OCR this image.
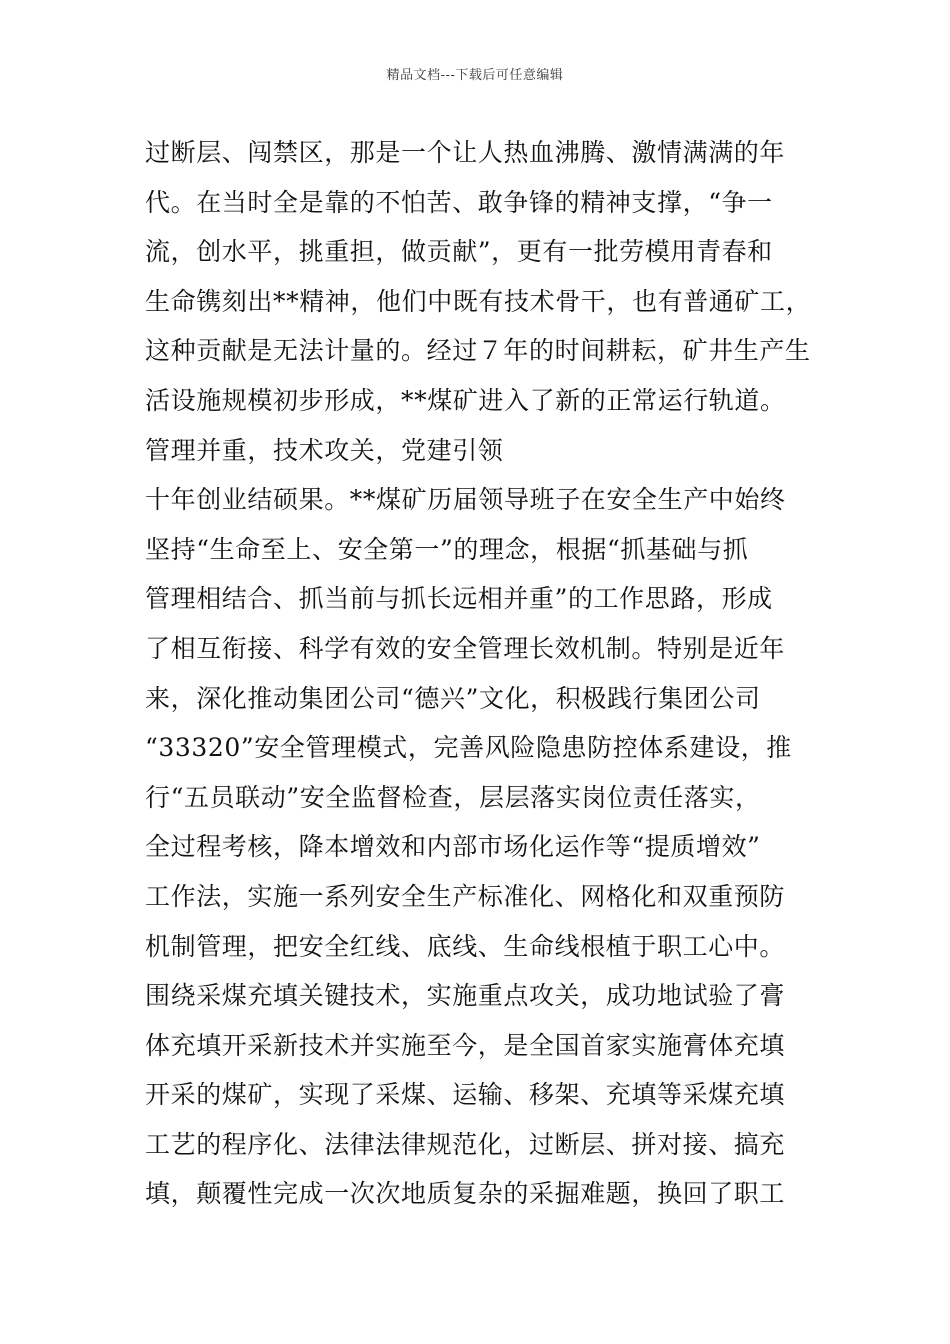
精品文档---下载后可任意编辑
过断层、闯禁区，那是一个让人热血沸腾、激情满满的年
代。在当时全是靠的不怕苦、敢争锋的精神支撑，“争一
流，创水平，挑重担，做贡献”，更有一批劳模用青春和
生命镌刻出**精神，他们中既有技术骨干，也有普通矿工，
这种贡献是无法计量的。经过７年的时间耕耘，矿井生产生
活设施规模初步形成，**煤矿进入了新的正常运行轨道。
管理并重，技术攻关，党建引领
十年创业结硕果。**煤矿历届领导班子在安全生产中始终
坚持“生命至上、安全第一”的理念，根据“抓基础与抓
管理相结合、抓当前与抓长远相并重”的工作思路，形成
了相互衔接、科学有效的安全管理长效机制。特别是近年
来，深化推动集团公司“德兴”文化，积极践行集团公司
“33320”安全管理模式，完善风险隐患防控体系建设，推
行“五员联动”安全监督检查，层层落实岗位责任落实，
全过程考核，降本增效和内部市场化运作等“提质增效”
工作法，实施一系列安全生产标准化、网格化和双重预防
机制管理，把安全红线、底线、生命线根植于职工心中。
围绕采煤充填关键技术，实施重点攻关，成功地试验了膏
体充填开采新技术并实施至今，是全国首家实施膏体充填
开采的煤矿，实现了采煤、运输、移架、充填等采煤充填
工艺的程序化、法律法律规范化，过断层、拼对接、搞充
填，颠覆性完成一次次地质复杂的采掘难题，换回了职工
